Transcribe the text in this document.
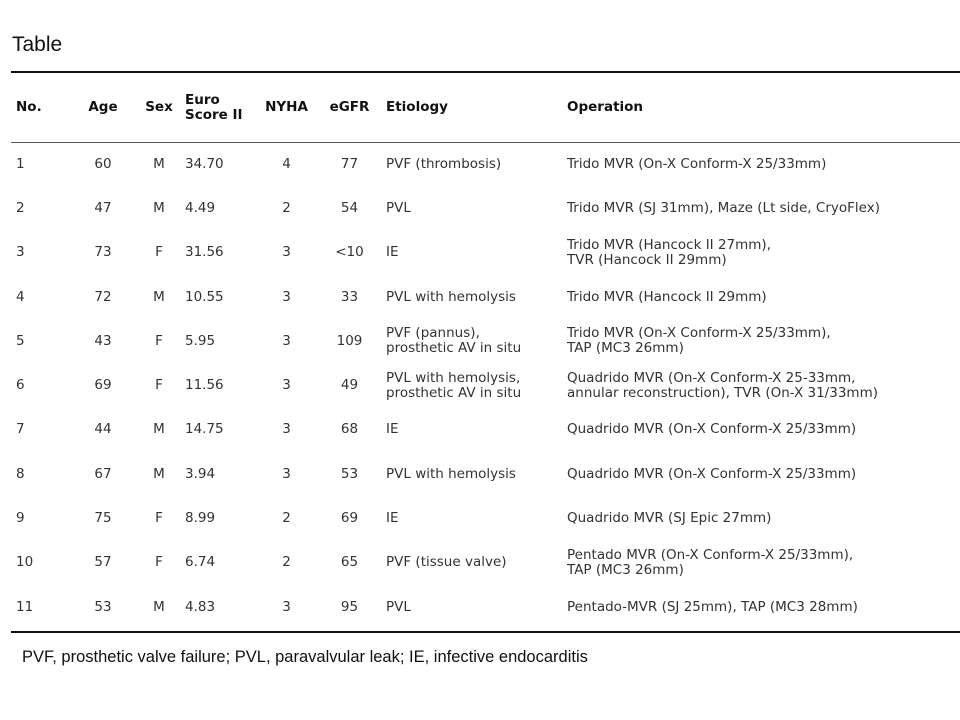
Table
No.	Age	Sex	Euro
Score II	NYHA	eGFR	Etiology	Operation
1	60	M	34.70	4	77	PVF (thrombosis)	Trido MVR (On-X Conform-X 25/33mm)

2	47	M	4.49	2	54	PVL	Trido MVR (SJ 31mm), Maze (Lt side, CryoFlex)

3	73	F	31.56	3	<10	IE	Trido MVR (Hancock II 27mm),
TVR (Hancock II 29mm)

4	72	M	10.55	3	33	PVL with hemolysis	Trido MVR (Hancock II 29mm)

5	43	F	5.95	3	109	PVF (pannus),
prosthetic AV in situ	Trido MVR (On-X Conform-X 25/33mm),
TAP (MC3 26mm)

6	69	F	11.56	3	49	PVL with hemolysis,
prosthetic AV in situ	Quadrido MVR (On-X Conform-X 25-33mm,
annular reconstruction), TVR (On-X 31/33mm)

7	44	M	14.75	3	68	IE	Quadrido MVR (On-X Conform-X 25/33mm)

8	67	M	3.94	3	53	PVL with hemolysis	Quadrido MVR (On-X Conform-X 25/33mm)

9	75	F	8.99	2	69	IE	Quadrido MVR (SJ Epic 27mm)

10	57	F	6.74	2	65	PVF (tissue valve)	Pentado MVR (On-X Conform-X 25/33mm),
TAP (MC3 26mm)

11	53	M	4.83	3	95	PVL	Pentado-MVR (SJ 25mm), TAP (MC3 28mm)
PVF, prosthetic valve failure; PVL, paravalvular leak; IE, infective endocarditis
